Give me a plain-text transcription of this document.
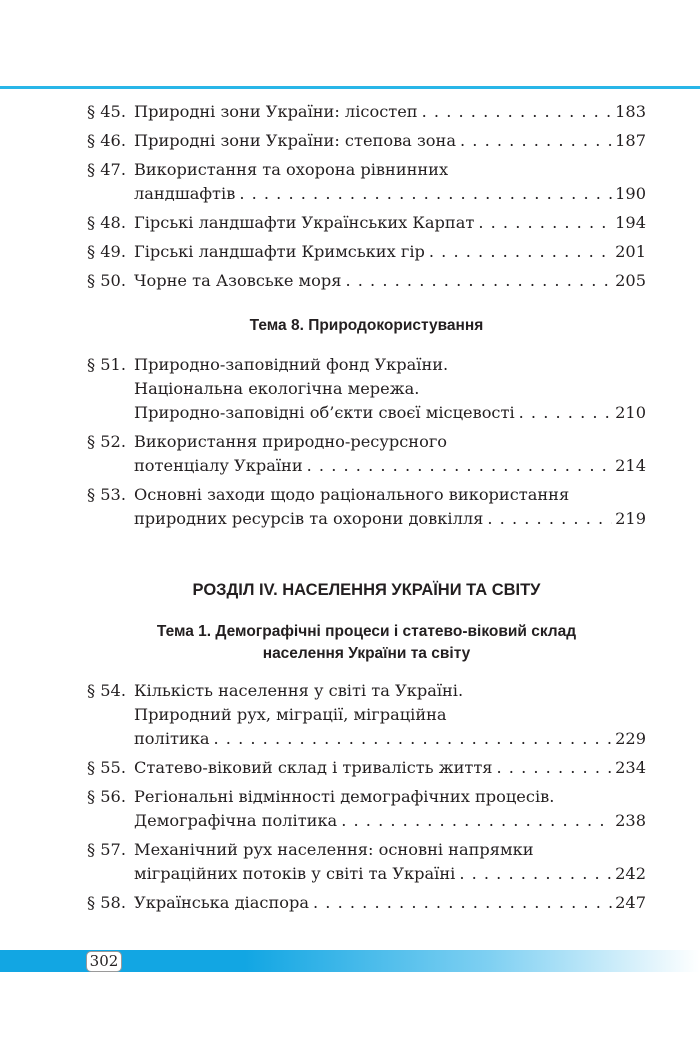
§ 45. Природні зони України: лісостеп . . .	183
§ 46. Природні зони України: степова зона . . .	187
§ 47. Використання та охорона рівнинних
ландшафтів . . .	190
§ 48. Гірські ландшафти Українських Карпат . . .	194
§ 49. Гірські ландшафти Кримських гір . . .	201
§ 50. Чорне та Азовське моря . . .	205
Тема 8. Природокористування
§ 51. Природно-заповідний фонд України.
Національна екологічна мережа.
Природно-заповідні об’єкти своєї місцевості . . .	210
§ 52. Використання природно-ресурсного
потенціалу України . . .	214
§ 53. Основні заходи щодо раціонального використання
природних ресурсів та охорони довкілля . . .	219
РОЗДІЛ IV. НАСЕЛЕННЯ УКРАЇНИ ТА СВІТУ
Тема 1. Демографічні процеси і статево-віковий склад
населення України та світу
§ 54. Кількість населення у світі та Україні.
Природний рух, міграції, міграційна
політика . . .	229
§ 55. Статево-віковий склад і тривалість життя . . .	234
§ 56. Регіональні відмінності демографічних процесів.
Демографічна політика . . .	238
§ 57. Механічний рух населення: основні напрямки
міграційних потоків у світі та Україні . . .	242
§ 58. Українська діаспора . . .	247
302
